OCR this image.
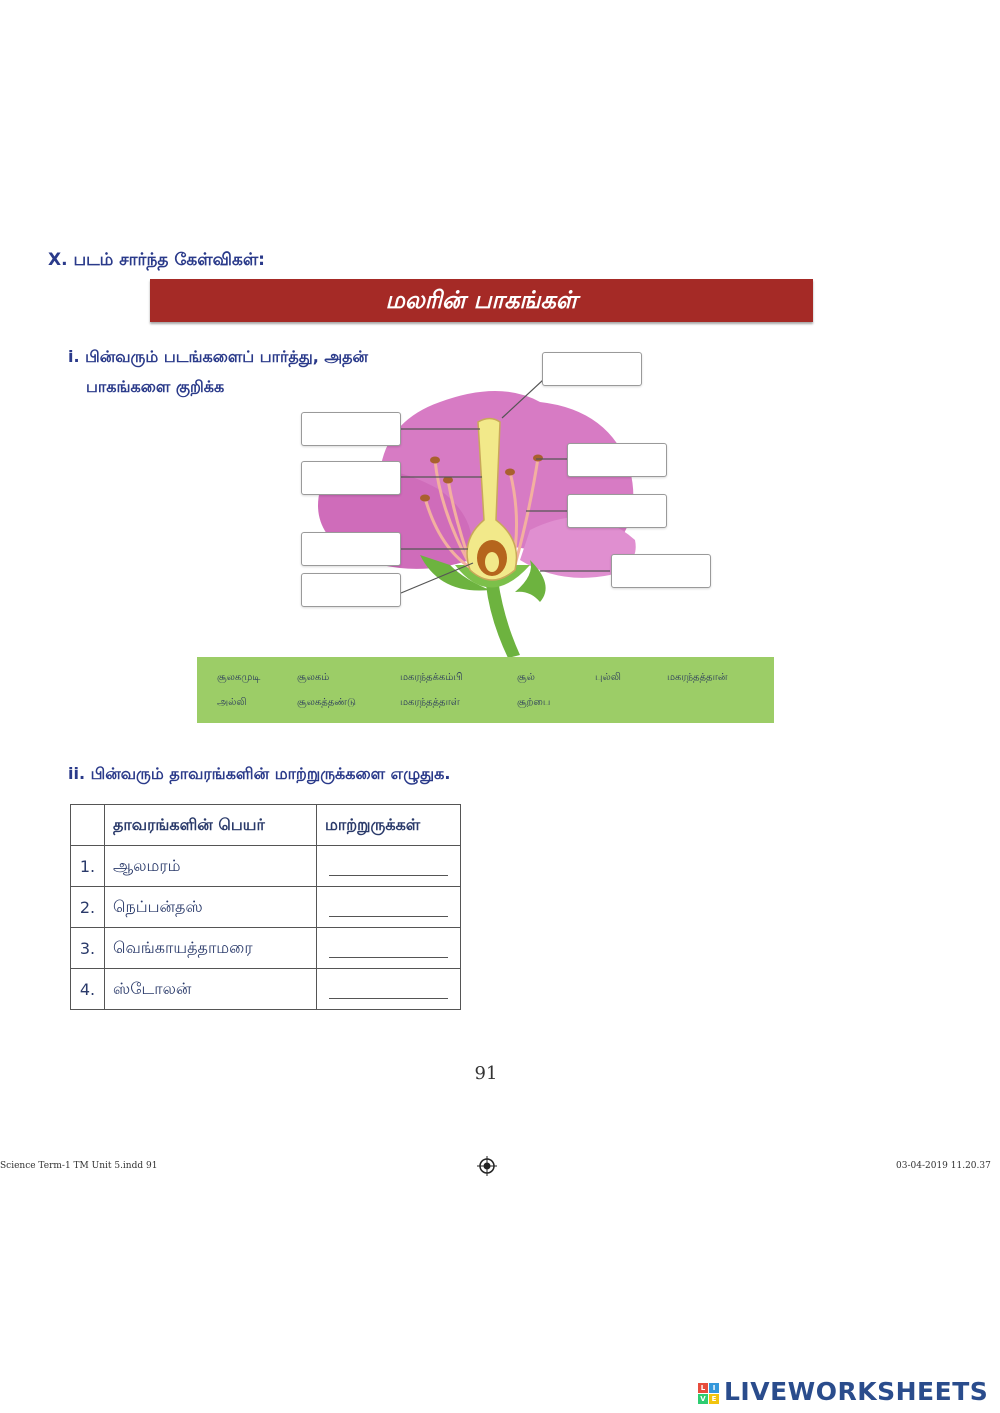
X. படம் சார்ந்த கேள்விகள்:
மலரின் பாகங்கள்
i. பின்வரும் படங்களைப் பார்த்து, அதன்
பாகங்களை குறிக்க
சூலகமுடி	சூலகம்	மகரந்தக்கம்பி	சூல்	புல்லி	மகரந்தத்தான்
அல்லி	சூலகத்தண்டு	மகரந்தத்தாள்	சூற்பை
ii. பின்வரும் தாவரங்களின் மாற்றுருக்களை எழுதுக.
	தாவரங்களின் பெயர்	மாற்றுருக்கள்
1.	ஆலமரம்	

2.	நெப்பன்தஸ்	

3.	வெங்காயத்தாமரை	

4.	ஸ்டோலன்	
91
Science Term-1 TM Unit 5.indd 91	03-04-2019 11.20.37
L	I
V E LIVEWORKSHEETS
